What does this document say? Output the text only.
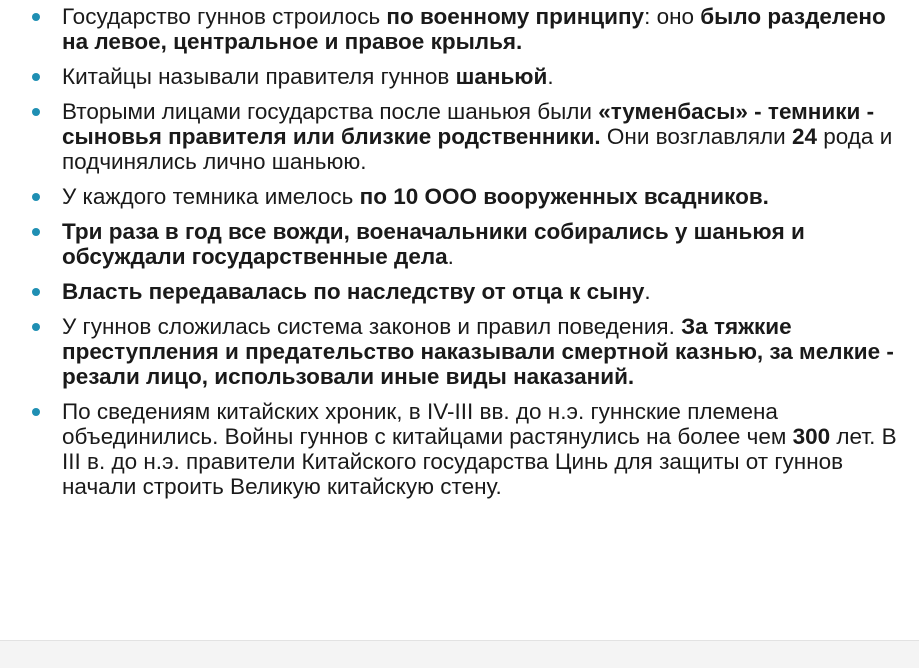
Государство гуннов строилось по военному принципу: оно было разделено на левое, центральное и правое крылья.
Китайцы называли правителя гуннов шаньюй.
Вторыми лицами государства после шаньюя были «туменбасы» - темники - сыновья правителя или близкие родственники. Они возглавляли 24 рода и подчинялись лично шаньюю.
У каждого темника имелось по 10 ООО вооруженных всадников.
Три раза в год все вожди, военачальники собирались у шаньюя и обсуждали государственные дела.
Власть передавалась по наследству от отца к сыну.
У гуннов сложилась система законов и правил поведения. За тяжкие преступления и предательство наказывали смертной казнью, за мелкие - резали лицо, использовали иные виды наказаний.
По сведениям китайских хроник, в IV-III вв. до н.э. гуннские племена объединились. Войны гуннов с китайцами растянулись на более чем 300 лет. В III в. до н.э. правители Китайского государства Цинь для защиты от гуннов начали строить Великую китайскую стену.
